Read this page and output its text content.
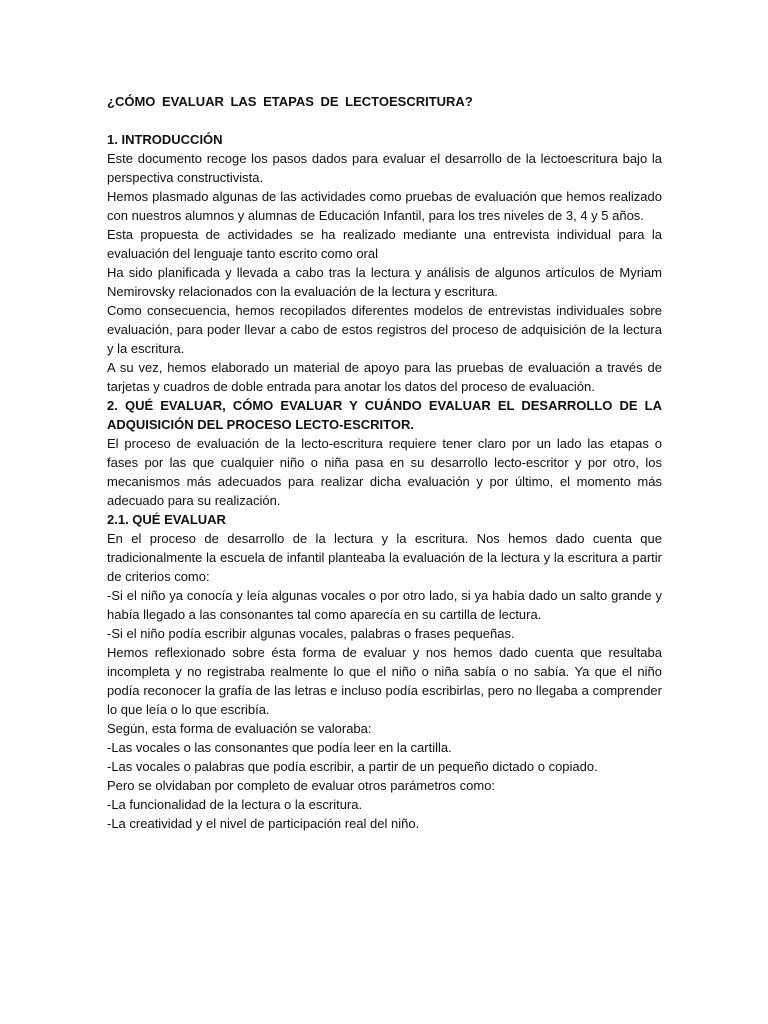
¿CÓMO EVALUAR LAS ETAPAS DE LECTOESCRITURA?

1. INTRODUCCIÓN

Este documento recoge los pasos dados para evaluar el desarrollo de la lectoescritura bajo la perspectiva constructivista.

Hemos plasmado algunas de las actividades como pruebas de evaluación que hemos realizado con nuestros alumnos y alumnas de Educación Infantil, para los tres niveles de 3, 4 y 5 años.

Esta propuesta de actividades se ha realizado mediante una entrevista individual para la evaluación del lenguaje tanto escrito como oral

Ha sido planificada y llevada a cabo tras la lectura y análisis de algunos artículos de Myriam Nemirovsky relacionados con la evaluación de la lectura y escritura.

Como consecuencia, hemos recopilados diferentes modelos de entrevistas individuales sobre evaluación, para poder llevar a cabo de estos registros del proceso de adquisición de la lectura y la escritura.

A su vez, hemos elaborado un material de apoyo para las pruebas de evaluación a través de tarjetas y cuadros de doble entrada para anotar los datos del proceso de evaluación.

2. QUÉ EVALUAR, CÓMO EVALUAR Y CUÁNDO EVALUAR EL DESARROLLO DE LA ADQUISICIÓN DEL PROCESO LECTO-ESCRITOR.

El proceso de evaluación de la lecto-escritura requiere tener claro por un lado las etapas o fases por las que cualquier niño o niña pasa en su desarrollo lecto-escritor y por otro, los mecanismos más adecuados para realizar dicha evaluación y por último, el momento más adecuado para su realización.

2.1. QUÉ EVALUAR

En el proceso de desarrollo de la lectura y la escritura. Nos hemos dado cuenta que tradicionalmente la escuela de infantil planteaba la evaluación de la lectura y la escritura a partir de criterios como:

-Si el niño ya conocía y leía algunas vocales o por otro lado, si ya había dado un salto grande y había llegado a las consonantes tal como aparecía en su cartilla de lectura.

-Si el niño podía escribir algunas vocales, palabras o frases pequeñas.

Hemos reflexionado sobre ésta forma de evaluar y nos hemos dado cuenta que resultaba incompleta y no registraba realmente lo que el niño o niña sabía o no sabía. Ya que el niño podía reconocer la grafía de las letras e incluso podía escribirlas, pero no llegaba a comprender lo que leía o lo que escribía.

Según, esta forma de evaluación se valoraba:

-Las vocales o las consonantes que podía leer en la cartilla.

-Las vocales o palabras que podía escribir, a partir de un pequeño dictado o copiado.

Pero se olvidaban por completo de evaluar otros parámetros como:

-La funcionalidad de la lectura o la escritura.

-La creatividad y el nivel de participación real del niño.
